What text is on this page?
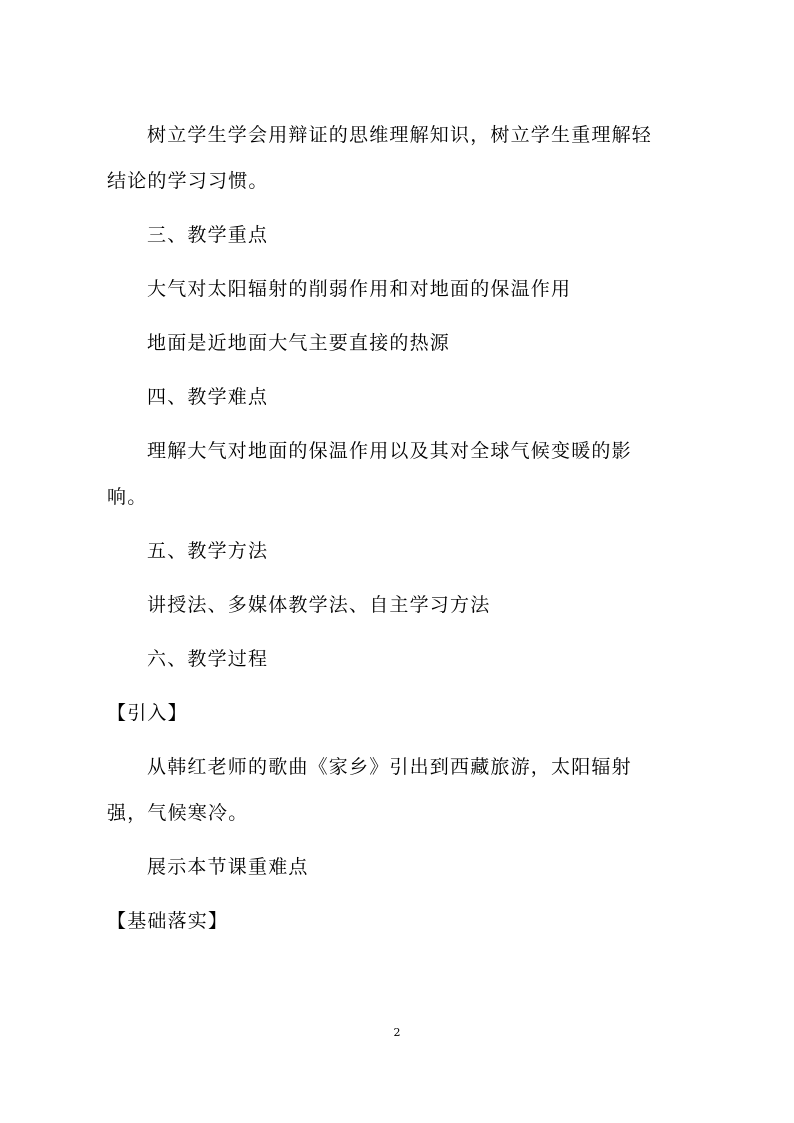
树立学生学会用辩证的思维理解知识，树立学生重理解轻
结论的学习习惯。
三、教学重点
大气对太阳辐射的削弱作用和对地面的保温作用
地面是近地面大气主要直接的热源
四、教学难点
理解大气对地面的保温作用以及其对全球气候变暖的影
响。
五、教学方法
讲授法、多媒体教学法、自主学习方法
六、教学过程
【引入】
从韩红老师的歌曲《家乡》引出到西藏旅游，太阳辐射
强，气候寒冷。
展示本节课重难点
【基础落实】
2
